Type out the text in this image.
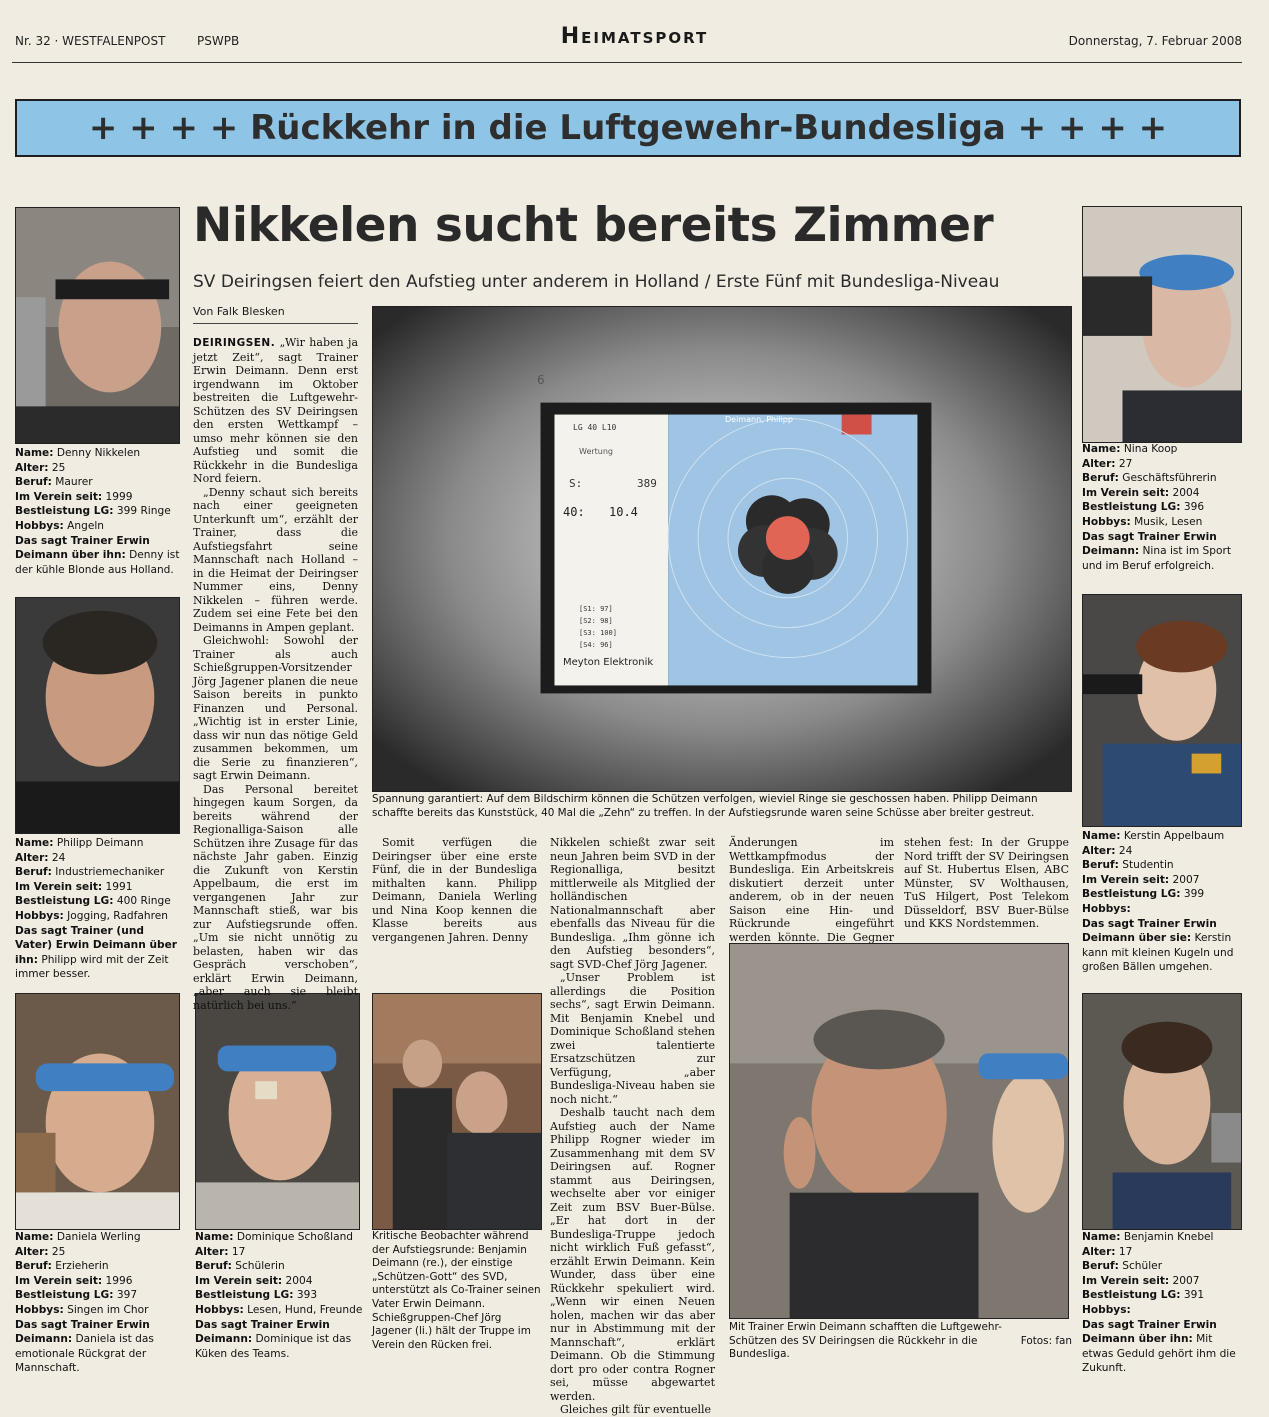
Nr. 32 · WESTFALENPOST	PSWPB	Heimatsport	Donnerstag, 7. Februar 2008
+ + + + Rückkehr in die Luftgewehr-Bundesliga + + + +
Nikkelen sucht bereits Zimmer
SV Deiringsen feiert den Aufstieg unter anderem in Holland / Erste Fünf mit Bundesliga-Niveau
Von Falk Blesken
Name: Denny Nikkelen
Alter: 25
Beruf: Maurer
Im Verein seit: 1999
Bestleistung LG: 399 Ringe
Hobbys: Angeln
Das sagt Trainer Erwin Deimann über ihn: Denny ist der kühle Blonde aus Holland.
Name: Philipp Deimann
Alter: 24
Beruf: Industriemechaniker
Im Verein seit: 1991
Bestleistung LG: 400 Ringe
Hobbys: Jogging, Radfahren
Das sagt Trainer (und Vater) Erwin Deimann über ihn: Philipp wird mit der Zeit immer besser.
Name: Daniela Werling
Alter: 25
Beruf: Erzieherin
Im Verein seit: 1996
Bestleistung LG: 397
Hobbys: Singen im Chor
Das sagt Trainer Erwin Deimann: Daniela ist das emotionale Rückgrat der Mannschaft.
Name: Dominique Schoßland
Alter: 17
Beruf: Schülerin
Im Verein seit: 2004
Bestleistung LG: 393
Hobbys: Lesen, Hund, Freunde
Das sagt Trainer Erwin Deimann: Dominique ist das Küken des Teams.
Kritische Beobachter während der Aufstiegsrunde: Benjamin Deimann (re.), der einstige „Schützen-Gott“ des SVD, unterstützt als Co-Trainer seinen Vater Erwin Deimann. Schießgruppen-Chef Jörg Jagener (li.) hält der Truppe im Verein den Rücken frei.
LG 40 L10
Wertung
S:	389
40: 10.4
Deimann, Philipp
[S1: 97]
[S2: 98]
[S3: 100]
[S4: 96]
Meyton Elektronik
6
Spannung garantiert: Auf dem Bildschirm können die Schützen verfolgen, wieviel Ringe sie geschossen haben. Philipp Deimann schaffte bereits das Kunststück, 40 Mal die „Zehn“ zu treffen. In der Aufstiegsrunde waren seine Schüsse aber breiter gestreut.

DEIRINGSEN. „Wir haben ja jetzt Zeit“, sagt Trainer Erwin Deimann. Denn erst irgendwann im Oktober bestreiten die Luftgewehr-Schützen des SV Deiringsen den ersten Wettkampf – umso mehr können sie den Aufstieg und somit die Rückkehr in die Bundesliga Nord feiern.

„Denny schaut sich bereits nach einer geeigneten Unterkunft um“, erzählt der Trainer, dass die Aufstiegsfahrt seine Mannschaft nach Holland – in die Heimat der Deiringser Nummer eins, Denny Nikkelen – führen werde. Zudem sei eine Fete bei den Deimanns in Ampen geplant.

Gleichwohl: Sowohl der Trainer als auch Schießgruppen-Vorsitzender Jörg Jagener planen die neue Saison bereits in punkto Finanzen und Personal. „Wichtig ist in erster Linie, dass wir nun das nötige Geld zusammen bekommen, um die Serie zu finanzieren“, sagt Erwin Deimann.

Das Personal bereitet hingegen kaum Sorgen, da bereits während der Regionalliga-Saison alle Schützen ihre Zusage für das nächste Jahr gaben. Einzig die Zukunft von Kerstin Appelbaum, die erst im vergangenen Jahr zur Mannschaft stieß, war bis zur Aufstiegsrunde offen. „Um sie nicht unnötig zu belasten, haben wir das Gespräch verschoben“, erklärt Erwin Deimann, „aber auch sie bleibt natürlich bei uns.“

Somit verfügen die Deiringser über eine erste Fünf, die in der Bundesliga mithalten kann. Philipp Deimann, Daniela Werling und Nina Koop kennen die Klasse bereits aus vergangenen Jahren. Denny

Nikkelen schießt zwar seit neun Jahren beim SVD in der Regionalliga, besitzt mittlerweile als Mitglied der holländischen Nationalmannschaft aber ebenfalls das Niveau für die Bundesliga. „Ihm gönne ich den Aufstieg besonders“, sagt SVD-Chef Jörg Jagener.

„Unser Problem ist allerdings die Position sechs“, sagt Erwin Deimann. Mit Benjamin Knebel und Dominique Schoßland stehen zwei talentierte Ersatzschützen zur Verfügung, „aber Bundesliga-Niveau haben sie noch nicht.“

Deshalb taucht nach dem Aufstieg auch der Name Philipp Rogner wieder im Zusammenhang mit dem SV Deiringsen auf. Rogner stammt aus Deiringsen, wechselte aber vor einiger Zeit zum BSV Buer-Bülse. „Er hat dort in der Bundesliga-Truppe jedoch nicht wirklich Fuß gefasst“, erzählt Erwin Deimann. Kein Wunder, dass über eine Rückkehr spekuliert wird. „Wenn wir einen Neuen holen, machen wir das aber nur in Abstimmung mit der Mannschaft“, erklärt Deimann. Ob die Stimmung dort pro oder contra Rogner sei, müsse abgewartet werden.

Gleiches gilt für eventuelle

Änderungen im Wettkampfmodus der Bundesliga. Ein Arbeitskreis diskutiert derzeit unter anderem, ob in der neuen Saison eine Hin- und Rückrunde eingeführt werden könnte. Die Gegner

stehen fest: In der Gruppe Nord trifft der SV Deiringsen auf St. Hubertus Elsen, ABC Münster, SV Wolthausen, TuS Hilgert, Post Telekom Düsseldorf, BSV Buer-Bülse und KKS Nordstemmen.

Mit Trainer Erwin Deimann schafften die Luftgewehr-Schützen des SV Deiringsen die Rückkehr in die Bundesliga.
Fotos: fan
Name: Nina Koop
Alter: 27
Beruf: Geschäftsführerin
Im Verein seit: 2004
Bestleistung LG: 396
Hobbys: Musik, Lesen
Das sagt Trainer Erwin Deimann: Nina ist im Sport und im Beruf erfolgreich.
Name: Kerstin Appelbaum
Alter: 24
Beruf: Studentin
Im Verein seit: 2007
Bestleistung LG: 399
Hobbys:
Das sagt Trainer Erwin Deimann über sie: Kerstin kann mit kleinen Kugeln und großen Bällen umgehen.
Name: Benjamin Knebel
Alter: 17
Beruf: Schüler
Im Verein seit: 2007
Bestleistung LG: 391
Hobbys:
Das sagt Trainer Erwin Deimann über ihn: Mit etwas Geduld gehört ihm die Zukunft.
